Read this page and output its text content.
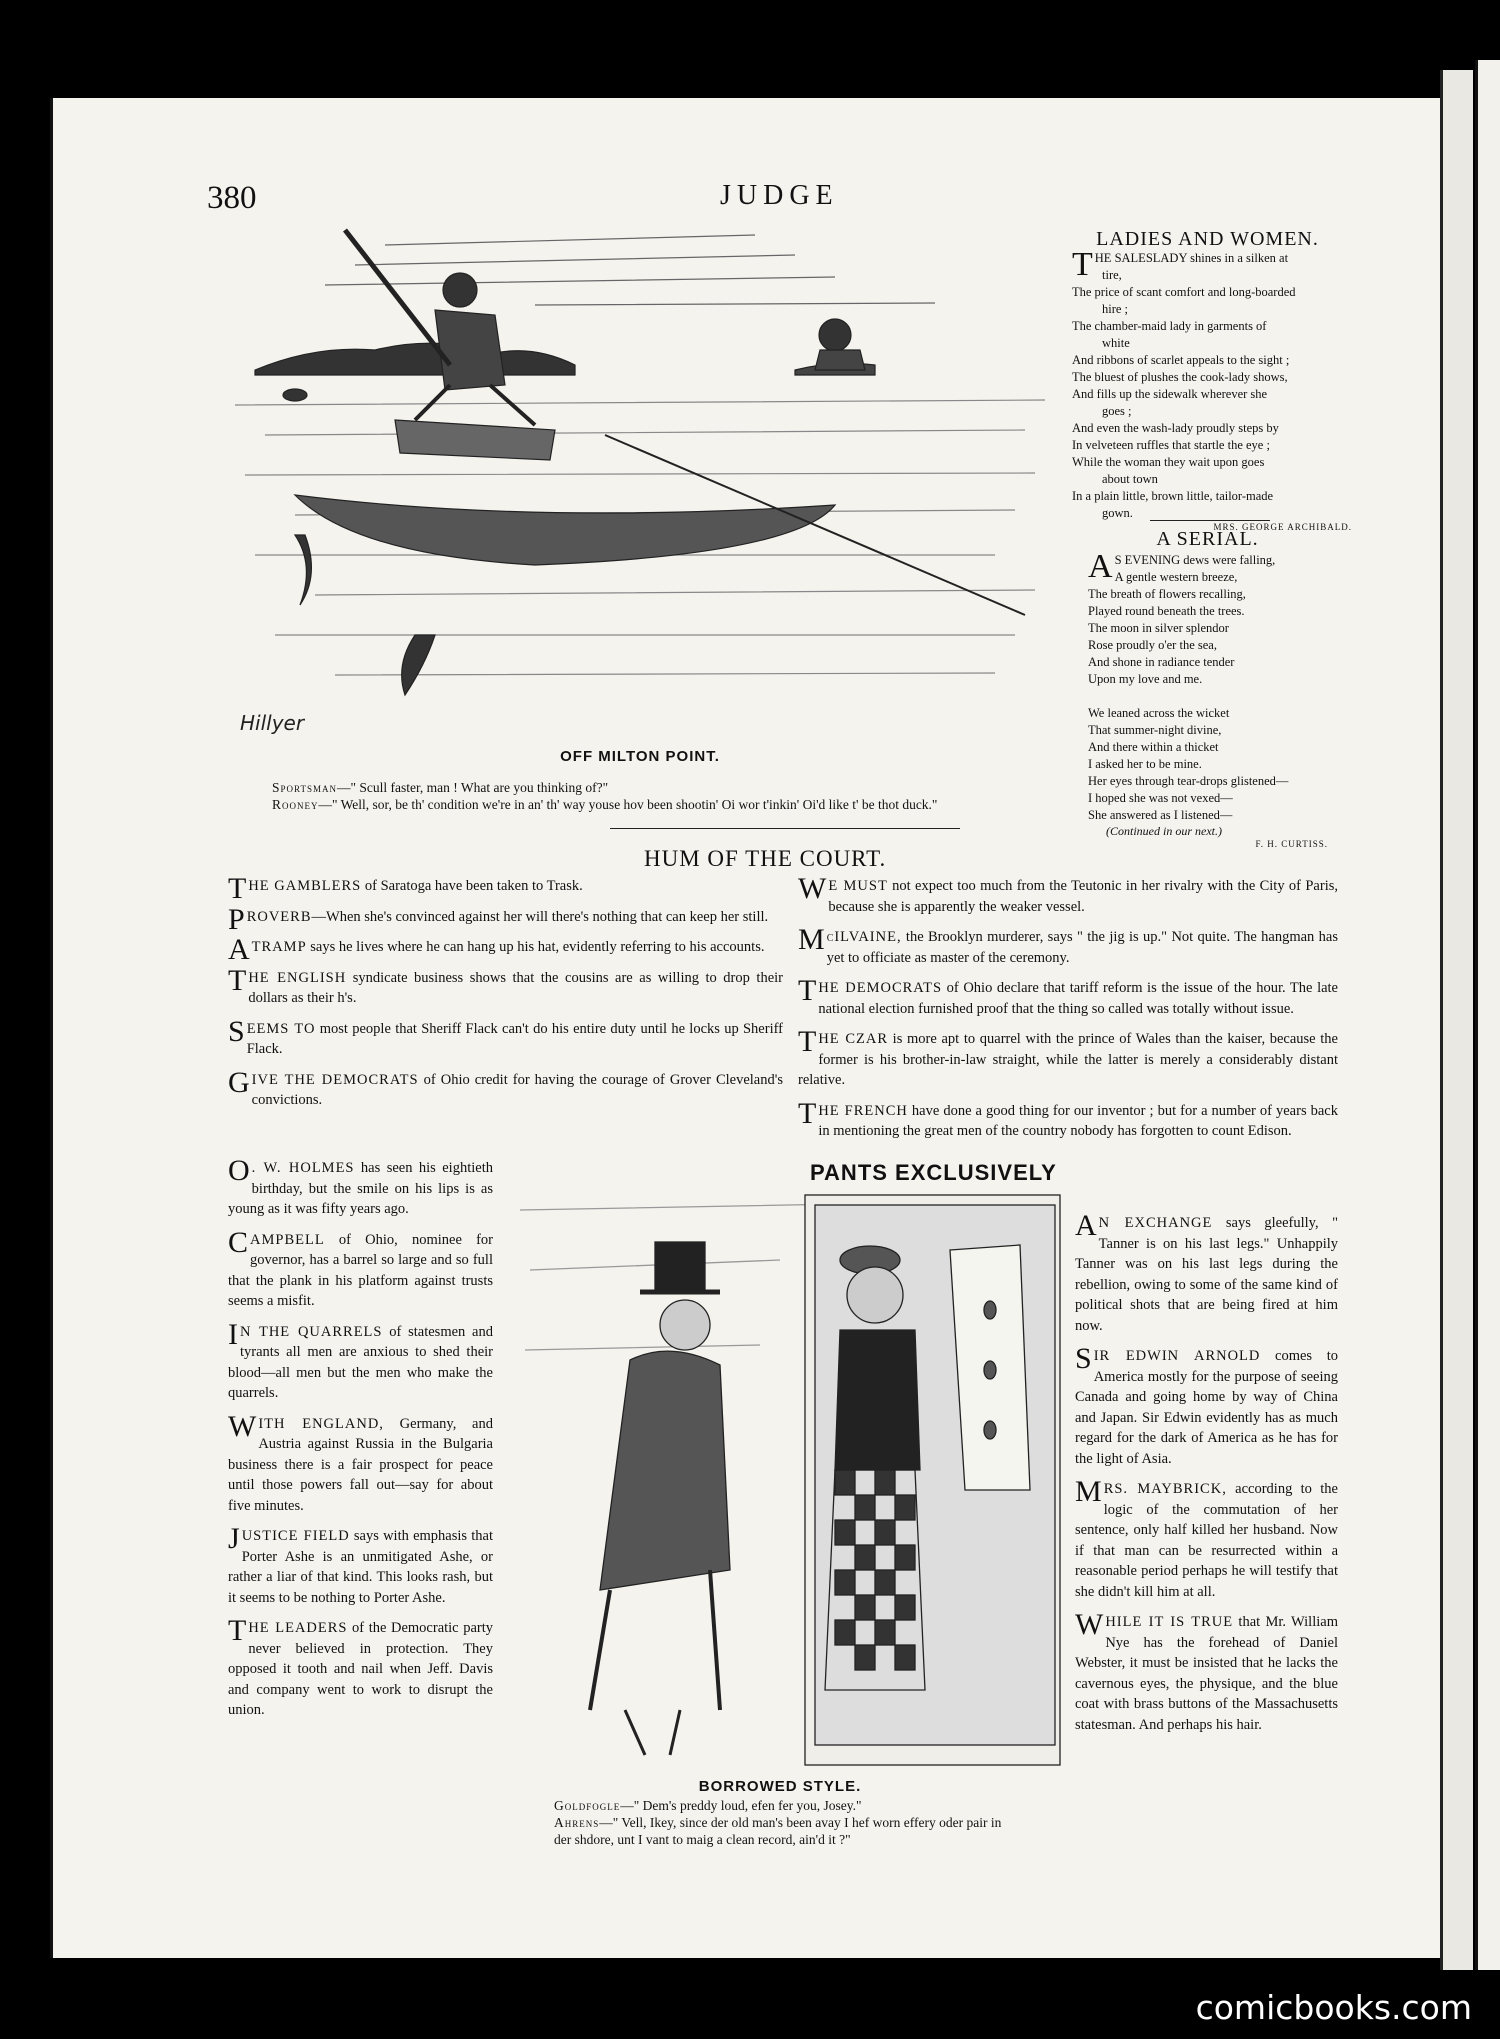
380	JUDGE
Hillyer
OFF MILTON POINT.
Sportsman—" Scull faster, man ! What are you thinking of?"
Rooney—" Well, sor, be th' condition we're in an' th' way youse hov been shootin' Oi wor t'inkin' Oi'd like t' be thot duck."
LADIES AND WOMEN.
T HE SALESLADY shines in a silken at
tire,
The price of scant comfort and long-boarded
hire ;
The chamber-maid lady in garments of
white
And ribbons of scarlet appeals to the sight ;
The bluest of plushes the cook-lady shows,
And fills up the sidewalk wherever she
goes ;
And even the wash-lady proudly steps by
In velveteen ruffles that startle the eye ;
While the woman they wait upon goes
about town
In a plain little, brown little, tailor-made
gown.
MRS. GEORGE ARCHIBALD.
A SERIAL.
A S EVENING dews were falling,
A gentle western breeze,
The breath of flowers recalling,
Played round beneath the trees.
The moon in silver splendor
Rose proudly o'er the sea,
And shone in radiance tender
Upon my love and me.

We leaned across the wicket
That summer-night divine,
And there within a thicket
I asked her to be mine.
Her eyes through tear-drops glistened—
I hoped she was not vexed—
She answered as I listened—
(Continued in our next.)
F. H. CURTISS.
HUM OF THE COURT.

THE GAMBLERS of Saratoga have been taken to Trask.

PROVERB—When she's convinced against her will there's nothing that can keep her still.

A TRAMP says he lives where he can hang up his hat, evidently referring to his accounts.

THE ENGLISH syndicate business shows that the cousins are as willing to drop their dollars as their h's.

SEEMS TO most people that Sheriff Flack can't do his entire duty until he locks up Sheriff Flack.

GIVE THE DEMOCRATS of Ohio credit for having the courage of Grover Cleveland's convictions.

O . W. HOLMES has seen his eightieth birthday, but the smile on his lips is as young as it was fifty years ago.

CAMPBELL of Ohio, nominee for governor, has a barrel so large and so full that the plank in his platform against trusts seems a misfit.

I N THE QUARRELS of statesmen and tyrants all men are anxious to shed their blood—all men but the men who make the quarrels.

WITH ENGLAND, Germany, and Austria against Russia in the Bulgaria business there is a fair prospect for peace until those powers fall out—say for about five minutes.

JUSTICE FIELD says with emphasis that Porter Ashe is an unmitigated Ashe, or rather a liar of that kind. This looks rash, but it seems to be nothing to Porter Ashe.

THE LEADERS of the Democratic party never believed in protection. They opposed it tooth and nail when Jeff. Davis and company went to work to disrupt the union.

W E MUST not expect too much from the Teutonic in her rivalry with the City of Paris, because she is apparently the weaker vessel.

McILVAINE, the Brooklyn murderer, says " the jig is up." Not quite. The hangman has yet to officiate as master of the ceremony.

THE DEMOCRATS of Ohio declare that tariff reform is the issue of the hour. The late national election furnished proof that the thing so called was totally without issue.

THE CZAR is more apt to quarrel with the prince of Wales than the kaiser, because the former is his brother-in-law straight, while the latter is merely a considerably distant relative.

THE FRENCH have done a good thing for our inventor ; but for a number of years back in mentioning the great men of the country nobody has forgotten to count Edison.

A N EXCHANGE says gleefully, " Tanner is on his last legs." Unhappily Tanner was on his last legs during the rebellion, owing to some of the same kind of political shots that are being fired at him now.

SIR EDWIN ARNOLD comes to America mostly for the purpose of seeing Canada and going home by way of China and Japan. Sir Edwin evidently has as much regard for the dark of America as he has for the light of Asia.

MRS. MAYBRICK, according to the logic of the commutation of her sentence, only half killed her husband. Now if that man can be resurrected within a reasonable period perhaps he will testify that she didn't kill him at all.

WHILE IT IS TRUE that Mr. William Nye has the forehead of Daniel Webster, it must be insisted that he lacks the cavernous eyes, the physique, and the blue coat with brass buttons of the Massachusetts statesman. And perhaps his hair.

PANTS EXCLUSIVELY
BORROWED STYLE.
Goldfogle—" Dem's preddy loud, efen fer you, Josey."
Ahrens—" Vell, Ikey, since der old man's been avay I hef worn effery oder pair in der shdore, unt I vant to maig a clean record, ain'd it ?"
comicbooks.com
